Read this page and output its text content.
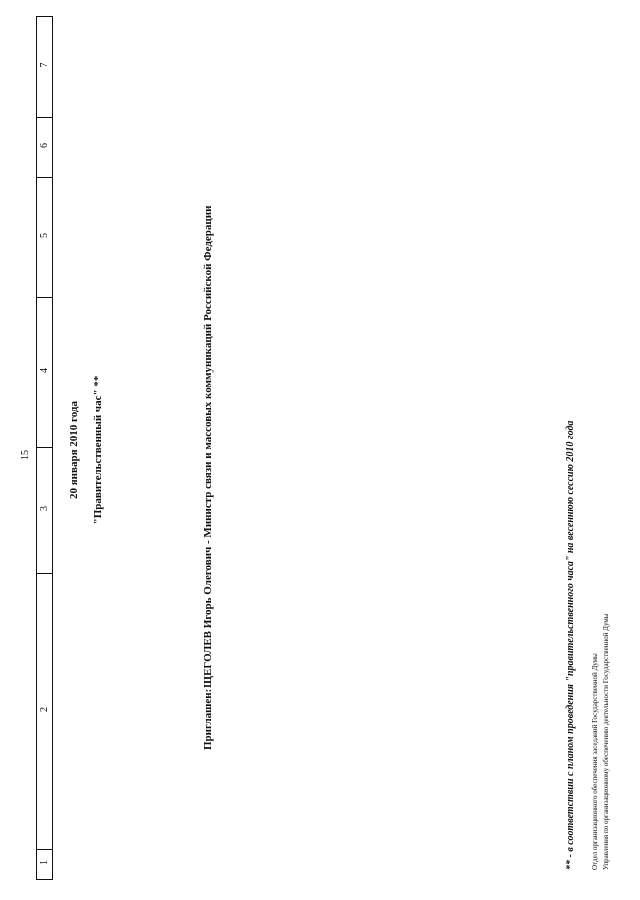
15
1
2
3
4
5
6
7
20 января 2010 года "Правительственный час" **
Приглашен:
ЩЕГОЛЕВ Игорь Олегович - Министр связи и массовых коммуникаций Российской Федерации	** - в соответствии с планом проведения "правительственного часа" на весеннюю сессию 2010 года Отдел организационного обеспечения заседаний Государственной Думы Управления по организационному обеспечению деятельности Государственной Думы
